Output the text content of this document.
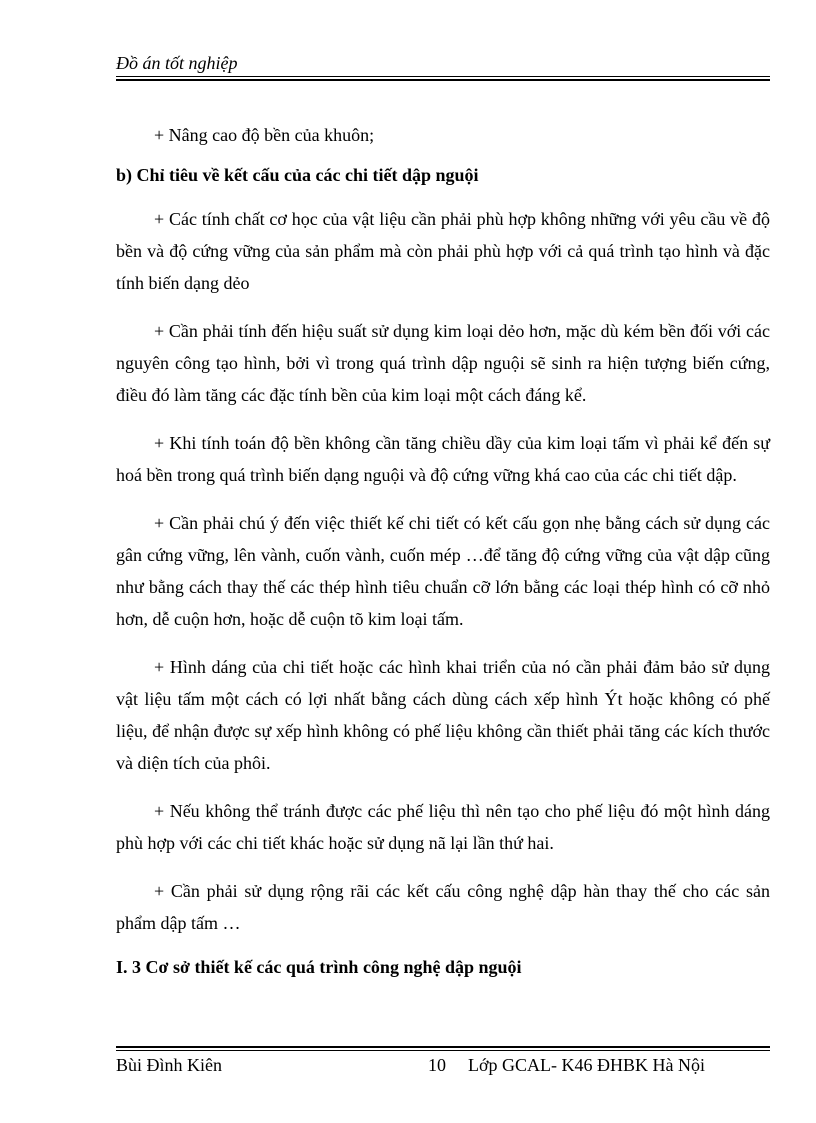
Đồ án tốt nghiệp

+ Nâng cao độ bền của khuôn;

b) Chỉ tiêu về kết cấu của các chi tiết dập nguội

+ Các tính chất cơ học của vật liệu cần phải phù hợp không những với yêu cầu về độ bền và độ cứng vững của sản phẩm mà còn phải phù hợp với cả quá trình tạo hình và đặc tính biến dạng dẻo

+ Cần phải tính đến hiệu suất sử dụng kim loại dẻo hơn, mặc dù kém bền đối với các nguyên công tạo hình, bởi vì trong quá trình dập nguội sẽ sinh ra hiện tượng biến cứng, điều đó làm tăng các đặc tính bền của kim loại một cách đáng kể.

+ Khi tính toán độ bền không cần tăng chiều dầy của kim loại tấm vì phải kể đến sự hoá bền trong quá trình biến dạng nguội và độ cứng vững khá cao của các chi tiết dập.

+ Cần phải chú ý đến việc thiết kế chi tiết có kết cấu gọn nhẹ bằng cách sử dụng các gân cứng vững, lên vành, cuốn vành, cuốn mép …để tăng độ cứng vững của vật dập cũng như bằng cách thay thế các thép hình tiêu chuẩn cỡ lớn bằng các loại thép hình có cỡ nhỏ hơn, dễ cuộn hơn, hoặc dễ cuộn tõ kim loại tấm.

+ Hình dáng của chi tiết hoặc các hình khai triển của nó cần phải đảm bảo sử dụng vật liệu tấm một cách có lợi nhất bằng cách dùng cách xếp hình Ýt hoặc không có phế liệu, để nhận được sự xếp hình không có phế liệu không cần thiết phải tăng các kích thước và diện tích của phôi.

+ Nếu không thể tránh được các phế liệu thì nên tạo cho phế liệu đó một hình dáng phù hợp với các chi tiết khác hoặc sử dụng nã lại lần thứ hai.

+ Cần phải sử dụng rộng rãi các kết cấu công nghệ dập hàn thay thế cho các sản phẩm dập tấm …

I. 3 Cơ sở thiết kế các quá trình công nghệ dập nguội

Bùi Đình Kiên	10 Lớp GCAL- K46 ĐHBK Hà Nội
